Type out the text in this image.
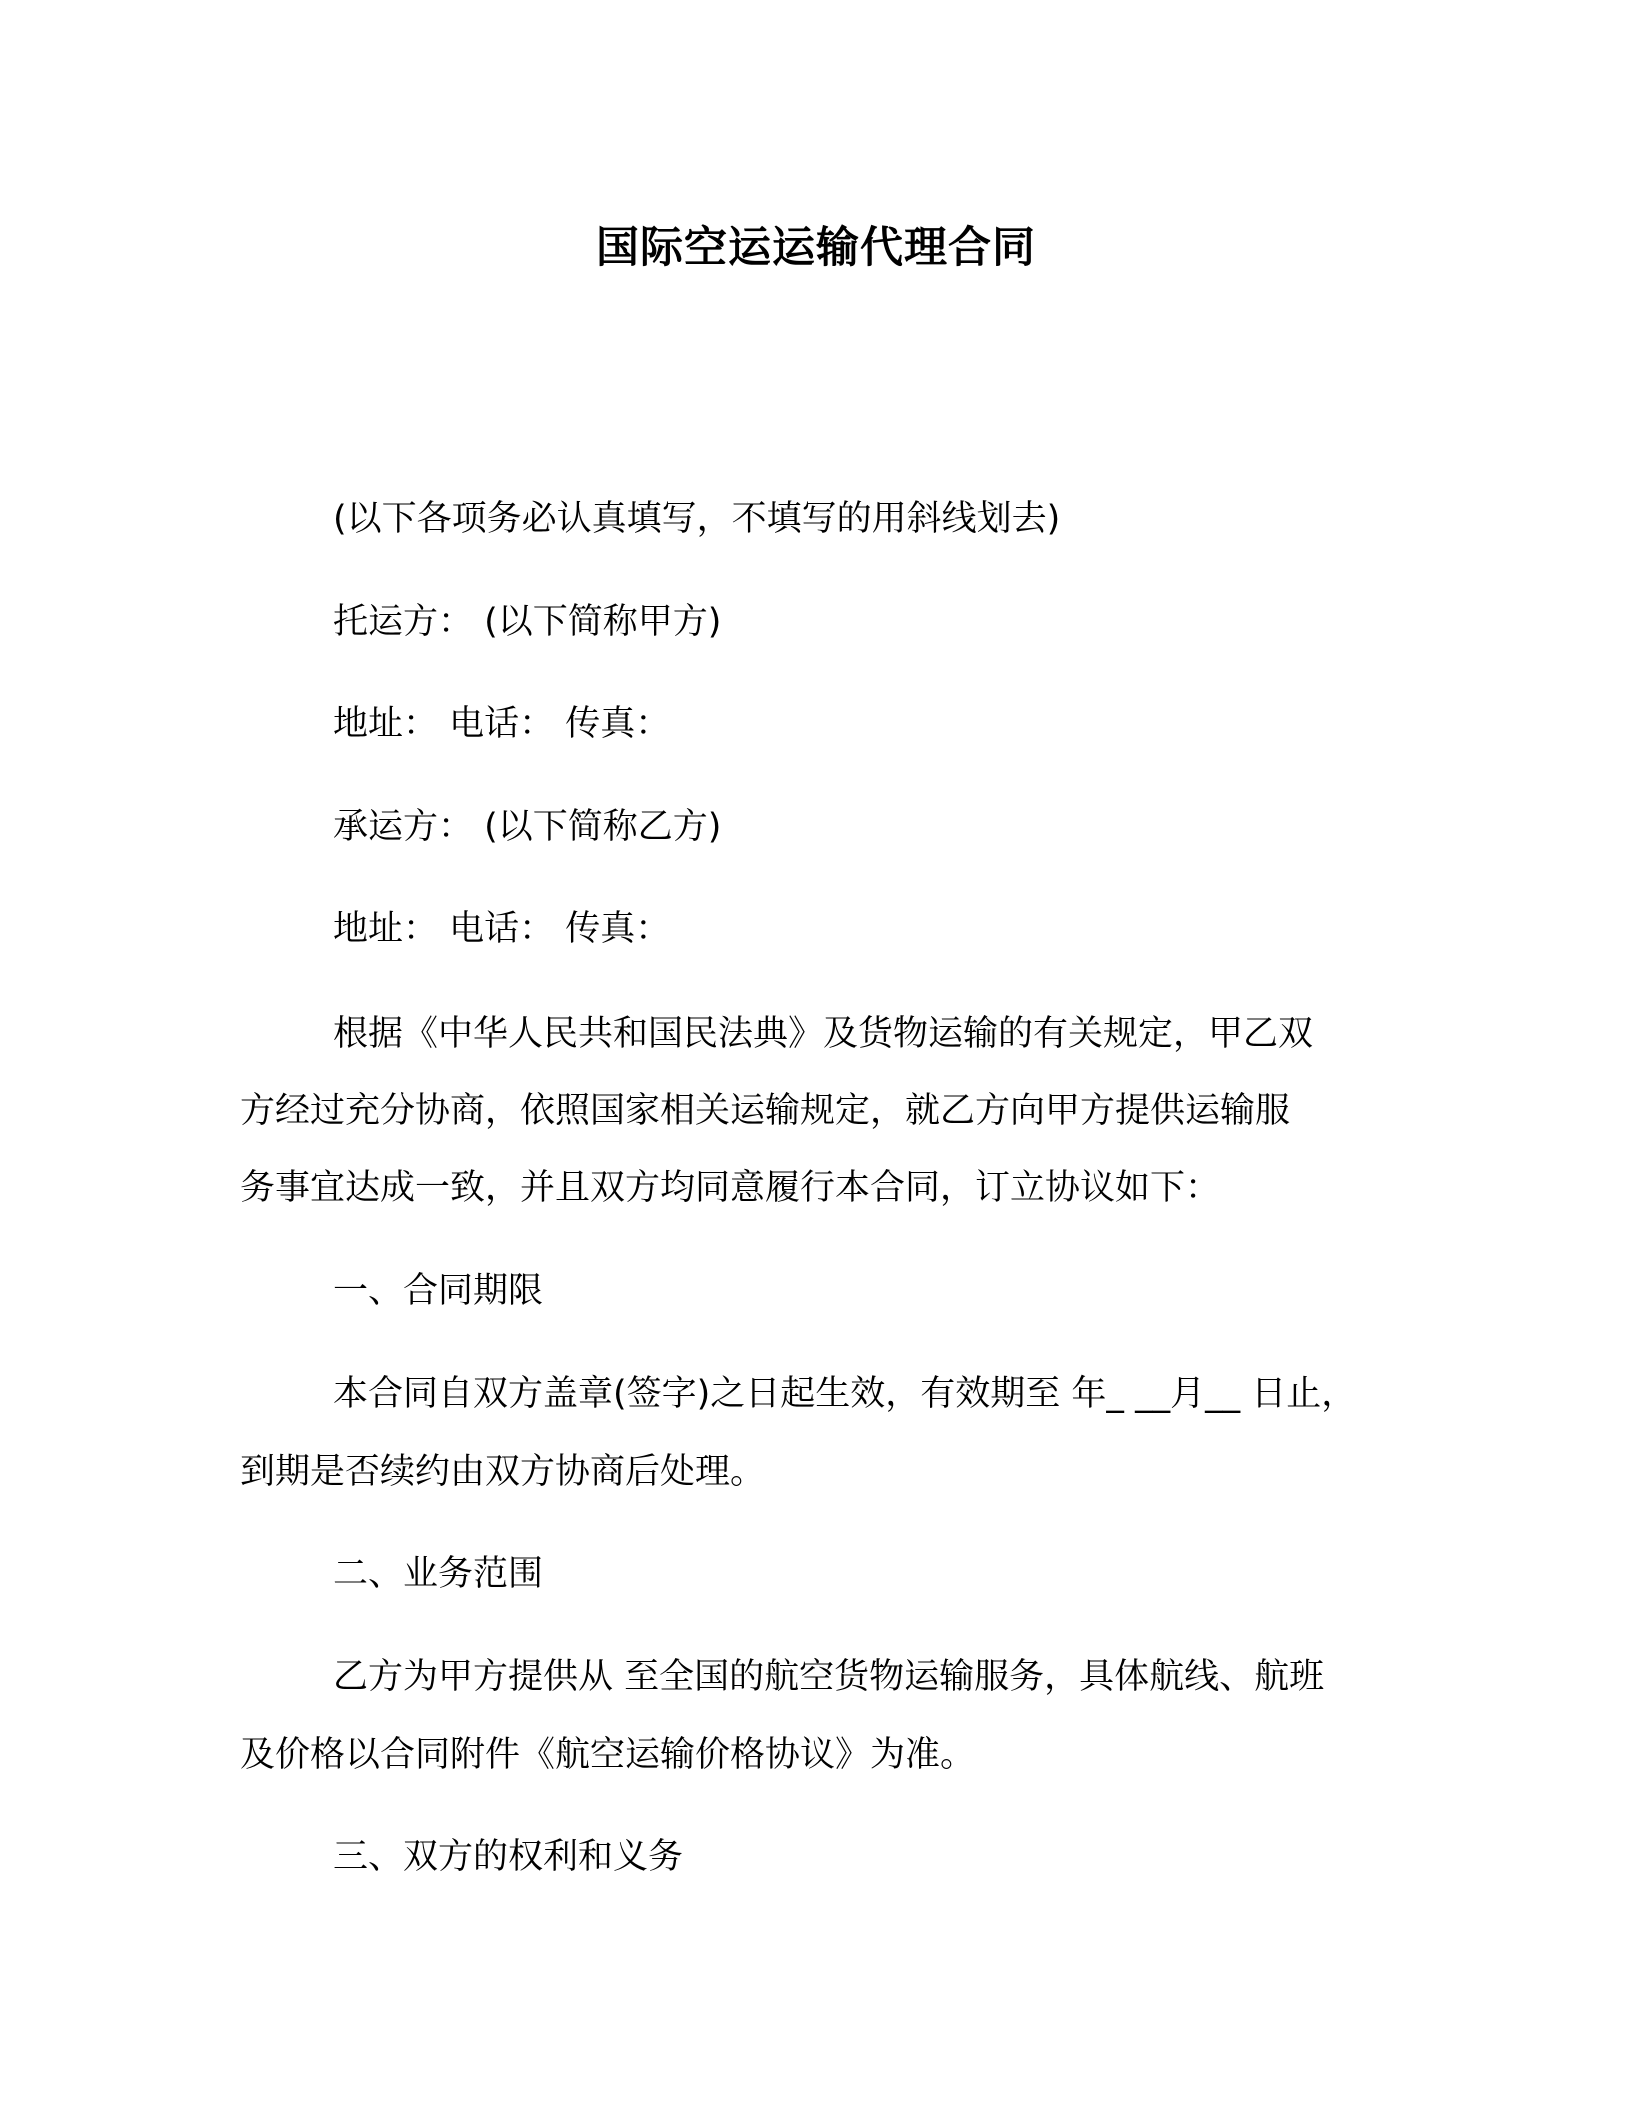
国际空运运输代理合同
(以下各项务必认真填写，不填写的用斜线划去)
托运方： (以下简称甲方)
地址： 电话： 传真：
承运方： (以下简称乙方)
地址： 电话： 传真：
根据《中华人民共和国民法典》及货物运输的有关规定，甲乙双
方经过充分协商，依照国家相关运输规定，就乙方向甲方提供运输服
务事宜达成一致，并且双方均同意履行本合同，订立协议如下：
一、合同期限
本合同自双方盖章(签字)之日起生效，有效期至 年_ __月__ 日止，
到期是否续约由双方协商后处理。
二、业务范围
乙方为甲方提供从 至全国的航空货物运输服务，具体航线、航班
及价格以合同附件《航空运输价格协议》为准。
三、双方的权利和义务
